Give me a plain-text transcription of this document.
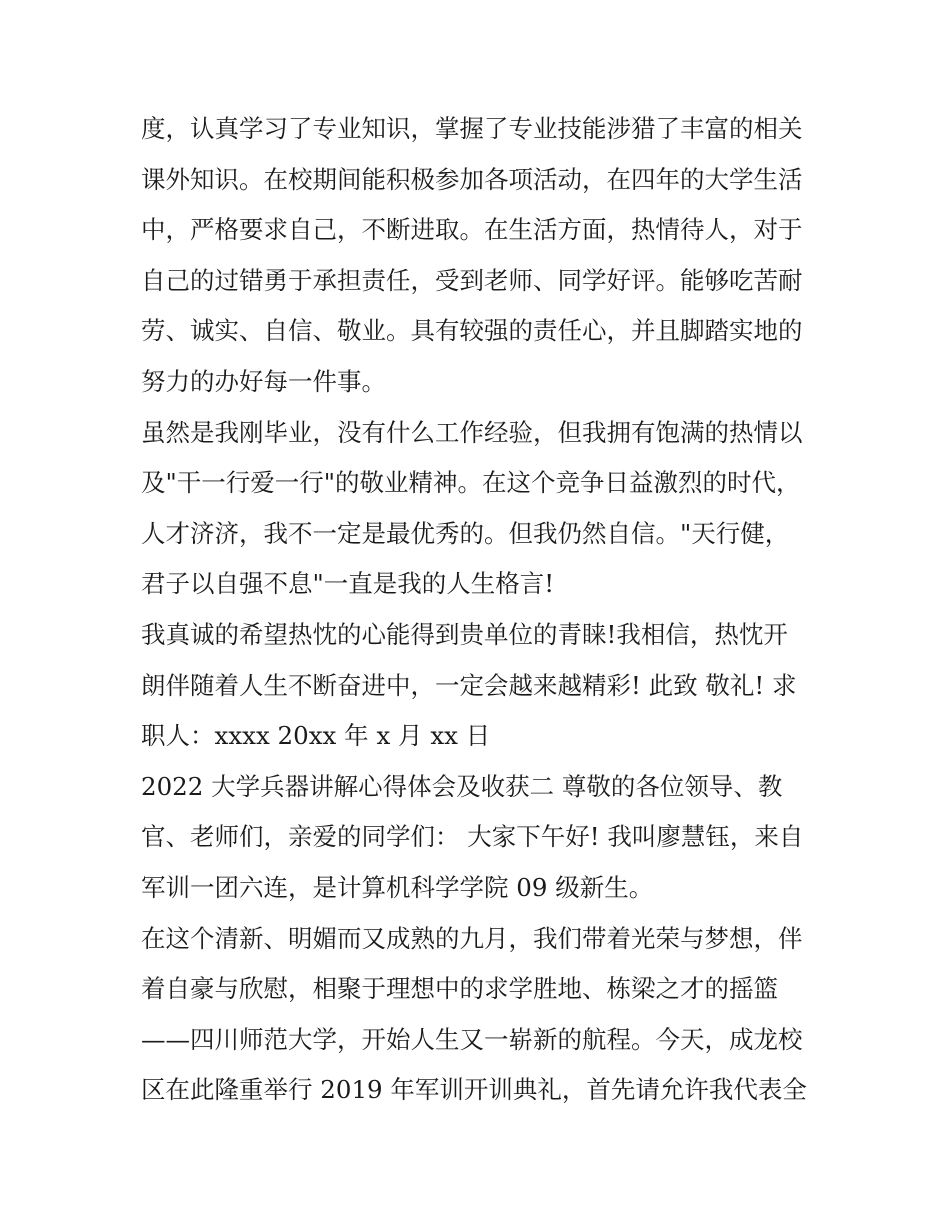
度，认真学习了专业知识，掌握了专业技能涉猎了丰富的相关
课外知识。在校期间能积极参加各项活动，在四年的大学生活
中，严格要求自己，不断进取。在生活方面，热情待人，对于
自己的过错勇于承担责任，受到老师、同学好评。能够吃苦耐
劳、诚实、自信、敬业。具有较强的责任心，并且脚踏实地的
努力的办好每一件事。
虽然是我刚毕业，没有什么工作经验，但我拥有饱满的热情以
及"干一行爱一行"的敬业精神。在这个竞争日益激烈的时代，
人才济济，我不一定是最优秀的。但我仍然自信。"天行健，
君子以自强不息"一直是我的人生格言!
我真诚的希望热忱的心能得到贵单位的青睐!我相信，热忱开
朗伴随着人生不断奋进中，一定会越来越精彩! 此致 敬礼! 求
职人：xxxx 20xx 年 x 月 xx 日
2022 大学兵器讲解心得体会及收获二 尊敬的各位领导、教
官、老师们，亲爱的同学们： 大家下午好! 我叫廖慧钰，来自
军训一团六连，是计算机科学学院 09 级新生。
在这个清新、明媚而又成熟的九月，我们带着光荣与梦想，伴
着自豪与欣慰，相聚于理想中的求学胜地、栋梁之才的摇篮
——四川师范大学，开始人生又一崭新的航程。今天，成龙校
区在此隆重举行 2019 年军训开训典礼，首先请允许我代表全
